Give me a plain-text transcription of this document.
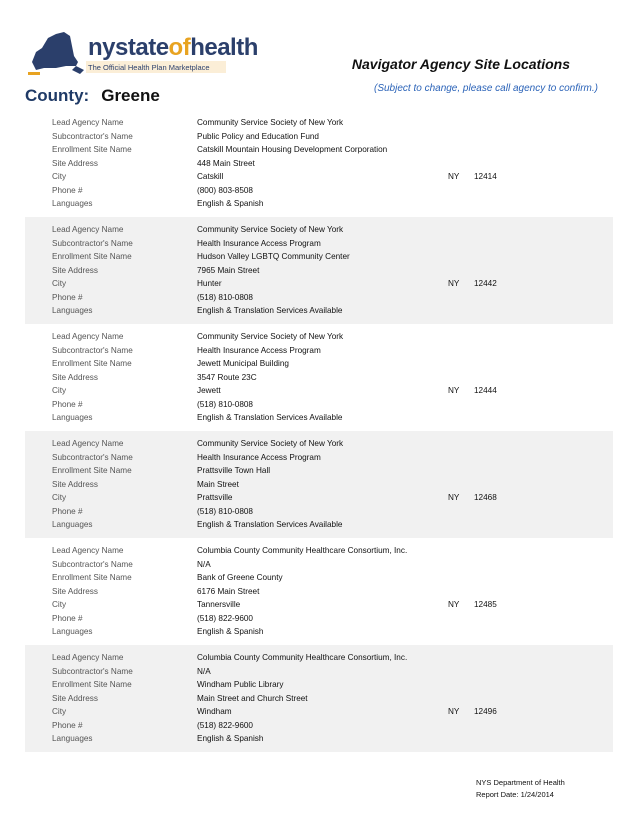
nystateofhealth
The Official Health Plan Marketplace	Navigator Agency Site Locations
(Subject to change, please call agency to confirm.)
County: Greene
Lead Agency Name	Community Service Society of New York
Subcontractor's Name	Public Policy and Education Fund
Enrollment Site Name	Catskill Mountain Housing Development Corporation
Site Address	448 Main Street
City	Catskill	NY 12414
Phone #	(800) 803-8508
Languages	English & Spanish
Lead Agency Name	Community Service Society of New York
Subcontractor's Name	Health Insurance Access Program
Enrollment Site Name	Hudson Valley LGBTQ Community Center
Site Address	7965 Main Street
City	Hunter	NY 12442
Phone #	(518) 810-0808
Languages	English & Translation Services Available
Lead Agency Name	Community Service Society of New York
Subcontractor's Name	Health Insurance Access Program
Enrollment Site Name	Jewett Municipal Building
Site Address	3547 Route 23C
City	Jewett	NY 12444
Phone #	(518) 810-0808
Languages	English & Translation Services Available
Lead Agency Name	Community Service Society of New York
Subcontractor's Name	Health Insurance Access Program
Enrollment Site Name	Prattsville Town Hall
Site Address	Main Street
City	Prattsville	NY 12468
Phone #	(518) 810-0808
Languages	English & Translation Services Available
Lead Agency Name	Columbia County Community Healthcare Consortium, Inc.
Subcontractor's Name	N/A
Enrollment Site Name	Bank of Greene County
Site Address	6176 Main Street
City	Tannersville	NY 12485
Phone #	(518) 822-9600
Languages	English & Spanish
Lead Agency Name	Columbia County Community Healthcare Consortium, Inc.
Subcontractor's Name	N/A
Enrollment Site Name	Windham Public Library
Site Address	Main Street and Church Street
City	Windham	NY 12496
Phone #	(518) 822-9600
Languages	English & Spanish
NYS Department of Health
Report Date: 1/24/2014
